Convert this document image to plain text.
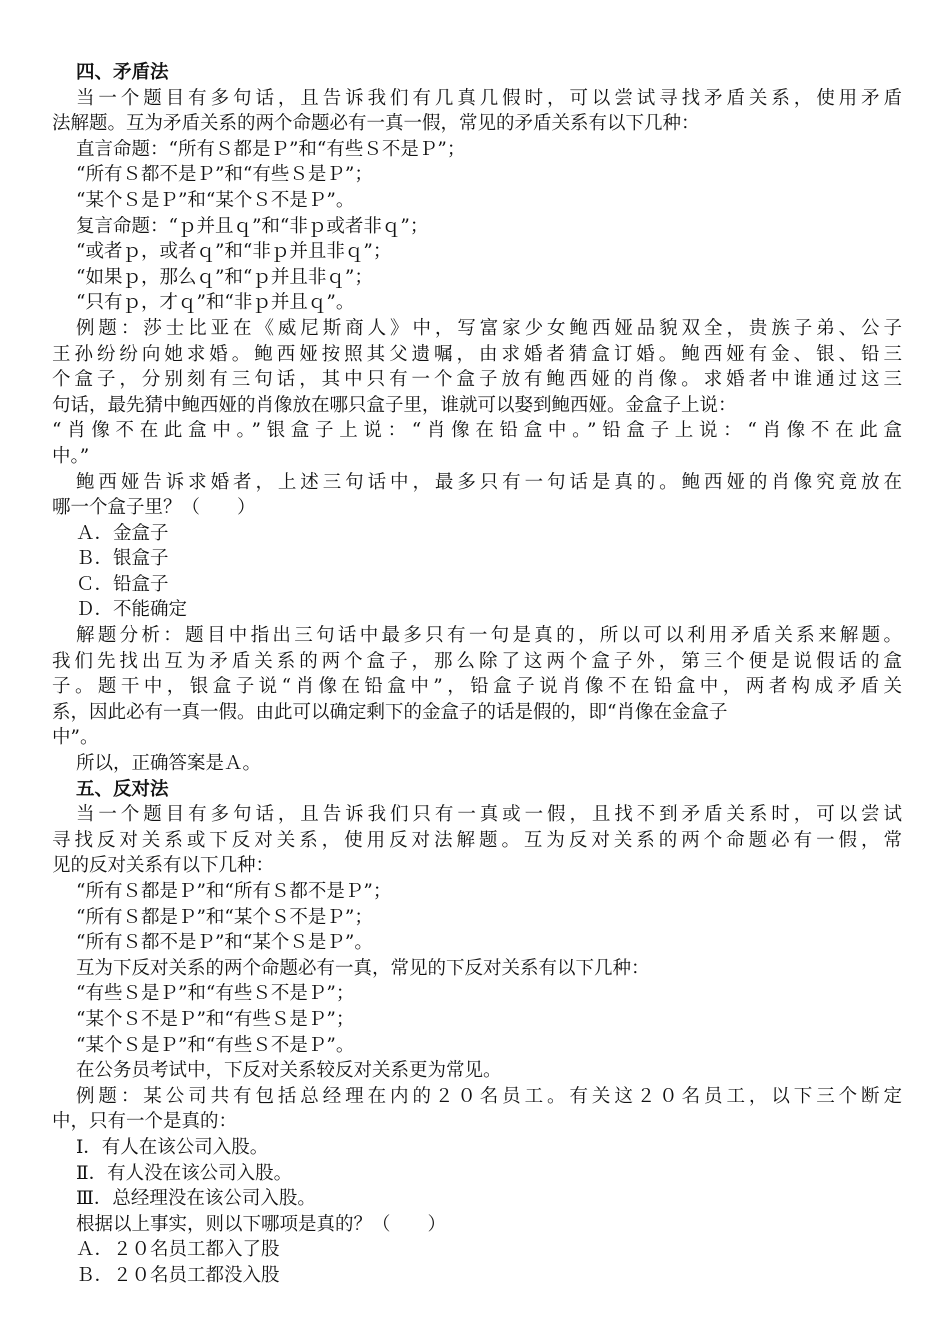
四、矛盾法
当一个题目有多句话，且告诉我们有几真几假时，可以尝试寻找矛盾关系，使用矛盾
法解题。互为矛盾关系的两个命题必有一真一假，常见的矛盾关系有以下几种：
直言命题：“所有Ｓ都是Ｐ”和“有些Ｓ不是Ｐ”；
“所有Ｓ都不是Ｐ”和“有些Ｓ是Ｐ”；
“某个Ｓ是Ｐ”和“某个Ｓ不是Ｐ”。
复言命题：“ｐ并且ｑ”和“非ｐ或者非ｑ”；
“或者ｐ，或者ｑ”和“非ｐ并且非ｑ”；
“如果ｐ，那么ｑ”和“ｐ并且非ｑ”；
“只有ｐ，才ｑ”和“非ｐ并且ｑ”。
例题：莎士比亚在《威尼斯商人》中，写富家少女鲍西娅品貌双全，贵族子弟、公子
王孙纷纷向她求婚。鲍西娅按照其父遗嘱，由求婚者猜盒订婚。鲍西娅有金、银、铅三
个盒子，分别刻有三句话，其中只有一个盒子放有鲍西娅的肖像。求婚者中谁通过这三
句话，最先猜中鲍西娅的肖像放在哪只盒子里，谁就可以娶到鲍西娅。金盒子上说：
“肖像不在此盒中。”银盒子上说：“肖像在铅盒中。”铅盒子上说：“肖像不在此盒
中。”
鲍西娅告诉求婚者，上述三句话中，最多只有一句话是真的。鲍西娅的肖像究竟放在
哪一个盒子里？（　　）
Ａ．金盒子
Ｂ．银盒子
Ｃ．铅盒子
Ｄ．不能确定
解题分析：题目中指出三句话中最多只有一句是真的，所以可以利用矛盾关系来解题。
我们先找出互为矛盾关系的两个盒子，那么除了这两个盒子外，第三个便是说假话的盒
子。题干中，银盒子说“肖像在铅盒中”，铅盒子说肖像不在铅盒中，两者构成矛盾关
系，因此必有一真一假。由此可以确定剩下的金盒子的话是假的，即“肖像在金盒子
中”。
所以，正确答案是Ａ。
五、反对法
当一个题目有多句话，且告诉我们只有一真或一假，且找不到矛盾关系时，可以尝试
寻找反对关系或下反对关系，使用反对法解题。互为反对关系的两个命题必有一假，常
见的反对关系有以下几种：
“所有Ｓ都是Ｐ”和“所有Ｓ都不是Ｐ”；
“所有Ｓ都是Ｐ”和“某个Ｓ不是Ｐ”；
“所有Ｓ都不是Ｐ”和“某个Ｓ是Ｐ”。
互为下反对关系的两个命题必有一真，常见的下反对关系有以下几种：
“有些Ｓ是Ｐ”和“有些Ｓ不是Ｐ”；
“某个Ｓ不是Ｐ”和“有些Ｓ是Ｐ”；
“某个Ｓ是Ｐ”和“有些Ｓ不是Ｐ”。
在公务员考试中，下反对关系较反对关系更为常见。
例题：某公司共有包括总经理在内的２０名员工。有关这２０名员工，以下三个断定
中，只有一个是真的：
Ⅰ．有人在该公司入股。
Ⅱ．有人没在该公司入股。
Ⅲ．总经理没在该公司入股。
根据以上事实，则以下哪项是真的？（　　）
Ａ．２０名员工都入了股
Ｂ．２０名员工都没入股
